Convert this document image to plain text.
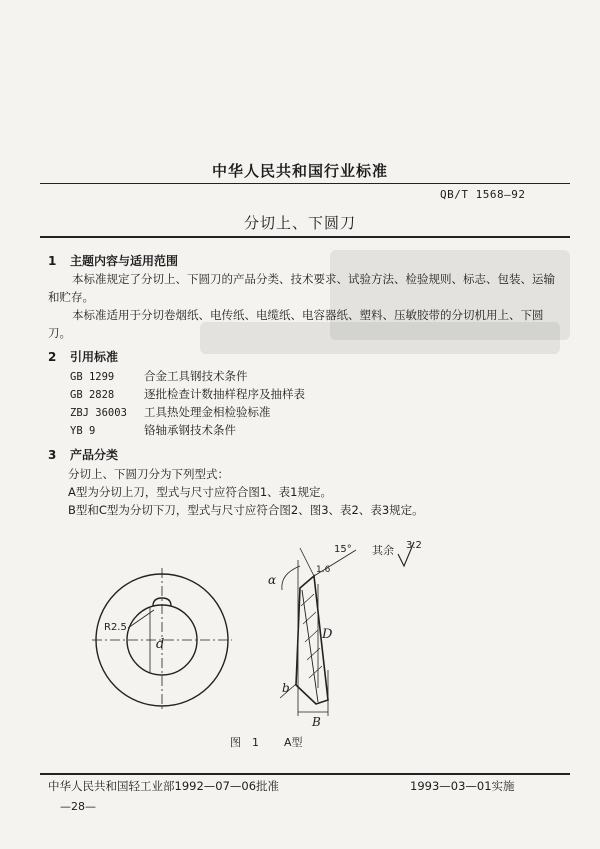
中华人民共和国行业标准
QB/T 1568—92
分切上、下圆刀
1 主题内容与适用范围
本标准规定了分切上、下圆刀的产品分类、技术要求、试验方法、检验规则、标志、包装、运输和贮存。
本标准适用于分切卷烟纸、电传纸、电缆纸、电容器纸、塑料、压敏胶带的分切机用上、下圆刀。
2 引用标准
GB 1299	合金工具钢技术条件
GB 2828	逐批检查计数抽样程序及抽样表
ZBJ 36003 工具热处理金相检验标准
YB 9	铬轴承钢技术条件
3 产品分类
分切上、下圆刀分为下列型式：
A型为分切上刀，型式与尺寸应符合图1、表1规定。
B型和C型为分切下刀，型式与尺寸应符合图2、图3、表2、表3规定。
d
R2.5	D
α
b
B
15°
1.6
其余 3.2
图　1 A型
中华人民共和国轻工业部1992—07—06批准	1993—03—01实施
—28—
